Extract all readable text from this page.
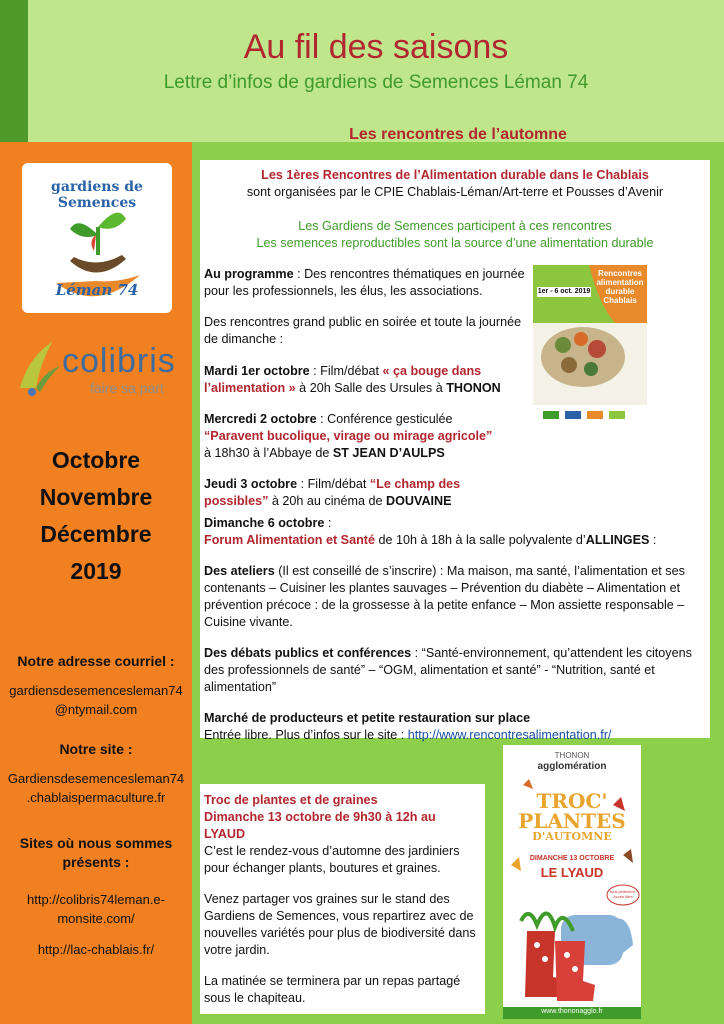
Au fil des saisons
Lettre d’infos de gardiens de Semences Léman 74
Les rencontres de l’automne
gardiens de Semences
Léman 74
colibris
faire sa part
Octobre
Novembre
Décembre
2019
Notre adresse courriel :
gardiensdesemencesleman74
@ntymail.com
Notre site :
Gardiensdesemencesleman74
.chablaispermaculture.fr
Sites où nous sommes
présents :
http://colibris74leman.e-
monsite.com/
http://lac-chablais.fr/
Les 1ères Rencontres de l’Alimentation durable dans le Chablais
sont organisées par le CPIE Chablais-Léman/Art-terre et Pousses d’Avenir
Les Gardiens de Semences participent à ces rencontres
Les semences reproductibles sont la source d’une alimentation durable

Au programme : Des rencontres thématiques en journée pour les professionnels, les élus, les associations.

Des rencontres grand public en soirée et toute la journée de dimanche :

Mardi 1er octobre : Film/débat « ça bouge dans l’alimentation » à 20h Salle des Ursules à THONON

Mercredi 2 octobre : Conférence gesticulée

“Paravent bucolique, virage ou mirage agricole”

à 18h30 à l’Abbaye de ST JEAN D’AULPS

Jeudi 3 octobre : Film/débat “Le champ des possibles” à 20h au cinéma de DOUVAINE

Dimanche 6 octobre :

Forum Alimentation et Santé de 10h à 18h à la salle polyvalente d’ALLINGES :

Des ateliers (Il est conseillé de s’inscrire) : Ma maison, ma santé, l’alimentation et ses contenants – Cuisiner les plantes sauvages – Prévention du diabète – Alimentation et prévention précoce : de la grossesse à la petite enfance – Mon assiette responsable – Cuisine vivante.

Des débats publics et conférences : “Santé-environnement, qu’attendent les citoyens des professionnels de santé” – “OGM, alimentation et santé” - “Nutrition, santé et alimentation”

Marché de producteurs et petite restauration sur place

Entrée libre. Plus d’infos sur le site : http://www.rencontresalimentation.fr/

1er - 6 oct. 2019
Rencontres
alimentation
durable
Chablais

Troc de plantes et de graines

Dimanche 13 octobre de 9h30 à 12h au LYAUD

C’est le rendez-vous d’automne des jardiniers pour échanger plants, boutures et graines.

Venez partager vos graines sur le stand des Gardiens de Semences, vous repartirez avec de nouvelles variétés pour plus de biodiversité dans votre jardin.

La matinée se terminera par un repas partagé sous le chapiteau.

THONON
agglomération
TROC'
PLANTES
D'AUTOMNE
DIMANCHE 13 OCTOBRE
LE LYAUD
Tous jardiniers ! Accès libre
www.thononagglo.fr
